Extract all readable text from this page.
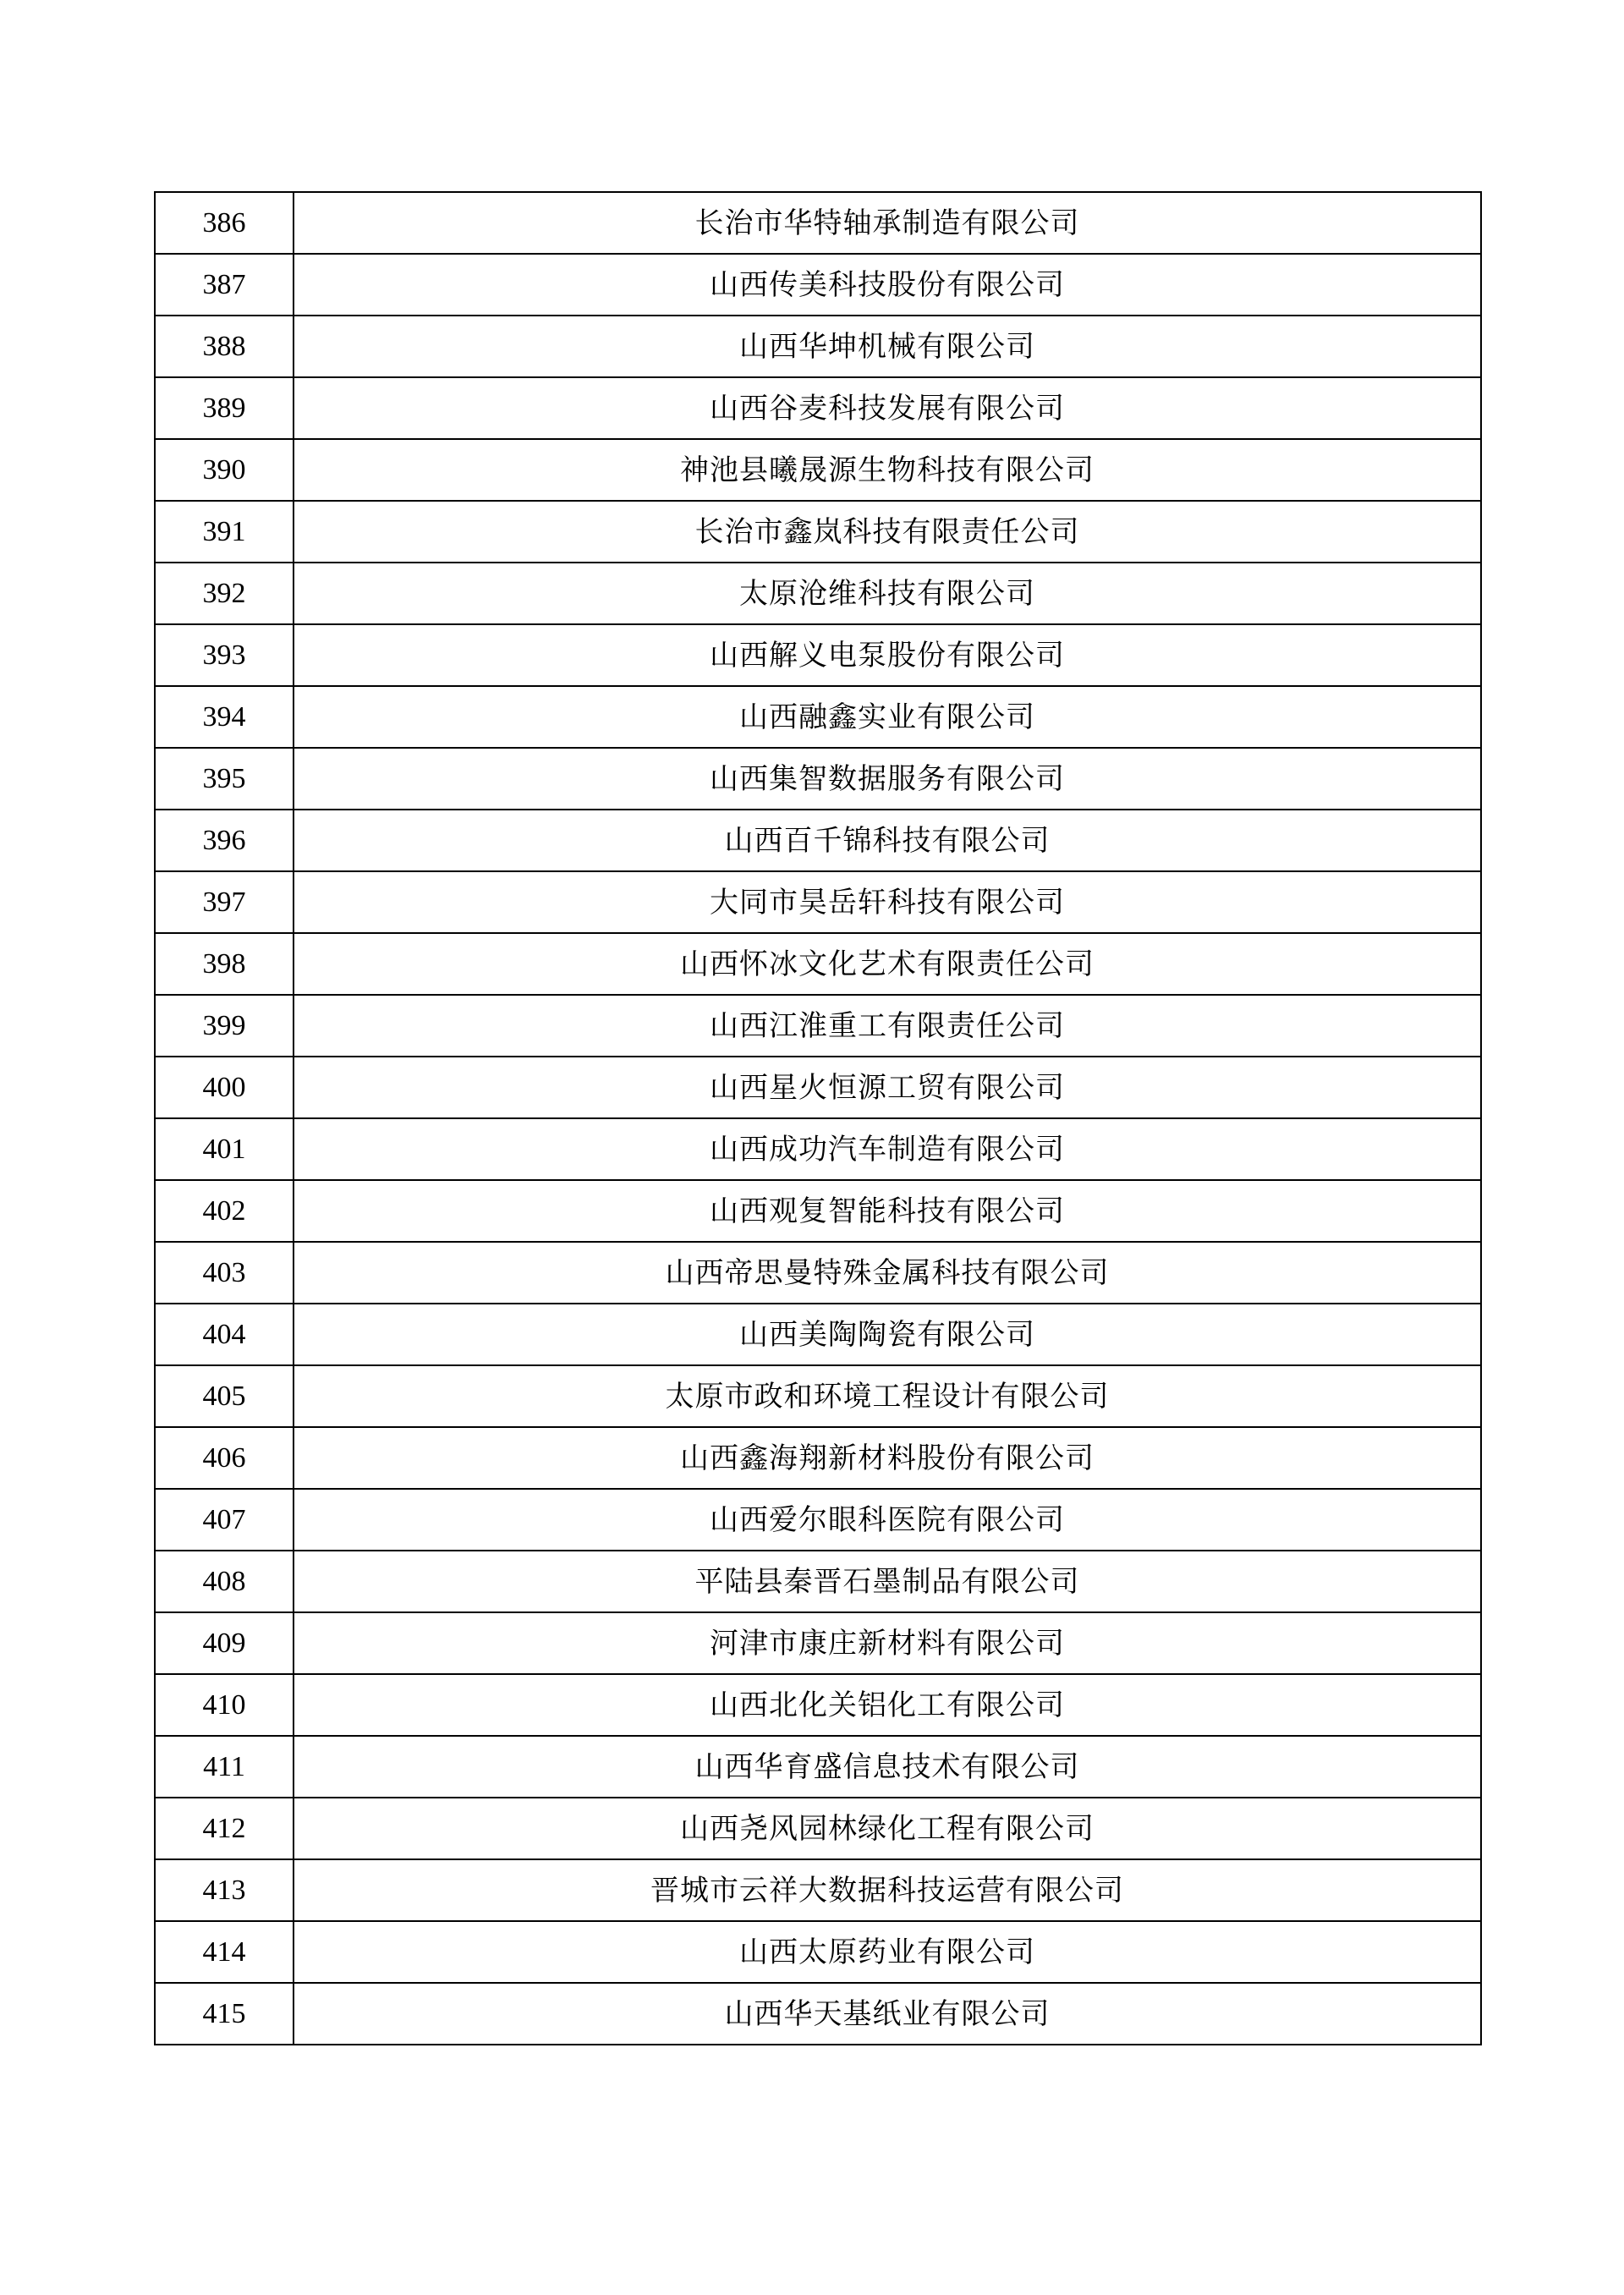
386	长治市华特轴承制造有限公司
387	山西传美科技股份有限公司
388	山西华坤机械有限公司
389	山西谷麦科技发展有限公司
390	神池县曦晟源生物科技有限公司
391	长治市鑫岚科技有限责任公司
392	太原沧维科技有限公司
393	山西解义电泵股份有限公司
394	山西融鑫实业有限公司
395	山西集智数据服务有限公司
396	山西百千锦科技有限公司
397	大同市昊岳轩科技有限公司
398	山西怀冰文化艺术有限责任公司
399	山西江淮重工有限责任公司
400	山西星火恒源工贸有限公司
401	山西成功汽车制造有限公司
402	山西观复智能科技有限公司
403	山西帝思曼特殊金属科技有限公司
404	山西美陶陶瓷有限公司
405	太原市政和环境工程设计有限公司
406	山西鑫海翔新材料股份有限公司
407	山西爱尔眼科医院有限公司
408	平陆县秦晋石墨制品有限公司
409	河津市康庄新材料有限公司
410	山西北化关铝化工有限公司
411	山西华育盛信息技术有限公司
412	山西尧风园林绿化工程有限公司
413	晋城市云祥大数据科技运营有限公司
414	山西太原药业有限公司
415	山西华天基纸业有限公司
